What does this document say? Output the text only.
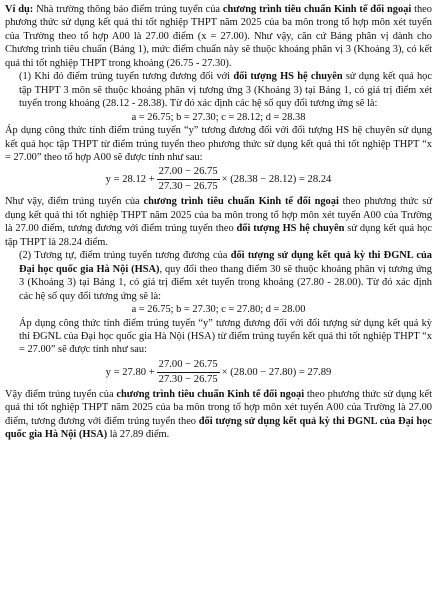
Ví dụ: Nhà trường thông báo điểm trúng tuyển của chương trình tiêu chuẩn Kinh tế đối ngoại theo phương thức sử dụng kết quả thi tốt nghiệp THPT năm 2025 của ba môn trong tổ hợp môn xét tuyển của Trường theo tổ hợp A00 là 27.00 điểm (x = 27.00). Như vậy, căn cứ Bảng phân vị dành cho Chương trình tiêu chuẩn (Bảng 1), mức điểm chuẩn này sẽ thuộc khoảng phân vị 3 (Khoảng 3), có kết quả thi tốt nghiệp THPT trong khoảng (26.75 - 27.30).

(1) Khi đó điểm trúng tuyển tương đương đối với đối tượng HS hệ chuyên sử dụng kết quả học tập THPT 3 môn sẽ thuộc khoảng phân vị tương ứng 3 (Khoảng 3) tại Bảng 1, có giá trị điểm xét tuyển trong khoảng (28.12 - 28.38). Từ đó xác định các hệ số quy đổi tương ứng sẽ là:

a = 26.75; b = 27.30; c = 28.12; d = 28.38

Áp dụng công thức tính điểm trúng tuyển “y” tương đương đối với đối tượng HS hệ chuyên sử dụng kết quả học tập THPT từ điểm trúng tuyển theo phương thức sử dụng kết quả thi tốt nghiệp THPT “x = 27.00” theo tổ hợp A00 sẽ được tính như sau:

$y = 28.12 + \frac{27.00 - 26.75}{27.30 - 26.75} \times (28.38 - 28.12) = 28.24$

Như vậy, điểm trúng tuyển của chương trình tiêu chuẩn Kinh tế đối ngoại theo phương thức sử dụng kết quả thi tốt nghiệp THPT năm 2025 của ba môn trong tổ hợp môn xét tuyển A00 của Trường là 27.00 điểm, tương đương với điểm trúng tuyển theo đối tượng HS hệ chuyên sử dụng kết quả học tập THPT là 28.24 điểm.

(2) Tương tự, điểm trúng tuyển tương đương của đối tượng sử dụng kết quả kỳ thi ĐGNL của Đại học quốc gia Hà Nội (HSA), quy đổi theo thang điểm 30 sẽ thuộc khoảng phân vị tương ứng 3 (Khoảng 3) tại Bảng 1, có giá trị điểm xét tuyển trong khoảng (27.80 - 28.00). Từ đó xác định các hệ số quy đổi tương ứng sẽ là:

a = 26.75; b = 27.30; c = 27.80; d = 28.00

Áp dụng công thức tính điểm trúng tuyển “y” tương đương đối với đối tượng sử dụng kết quả kỳ thi ĐGNL của Đại học quốc gia Hà Nội (HSA) từ điểm trúng tuyển kết quả thi tốt nghiệp THPT “x = 27.00” sẽ được tính như sau:

$y = 27.80 + \frac{27.00 - 26.75}{27.30 - 26.75} \times (28.00 - 27.80) = 27.89$

Vậy điểm trúng tuyển của chương trình tiêu chuẩn Kinh tế đối ngoại theo phương thức sử dụng kết quả thi tốt nghiệp THPT năm 2025 của ba môn trong tổ hợp môn xét tuyển A00 của Trường là 27.00 điểm, tương đương với điểm trúng tuyển theo đối tượng sử dụng kết quả kỳ thi ĐGNL của Đại học quốc gia Hà Nội (HSA) là 27.89 điểm.
